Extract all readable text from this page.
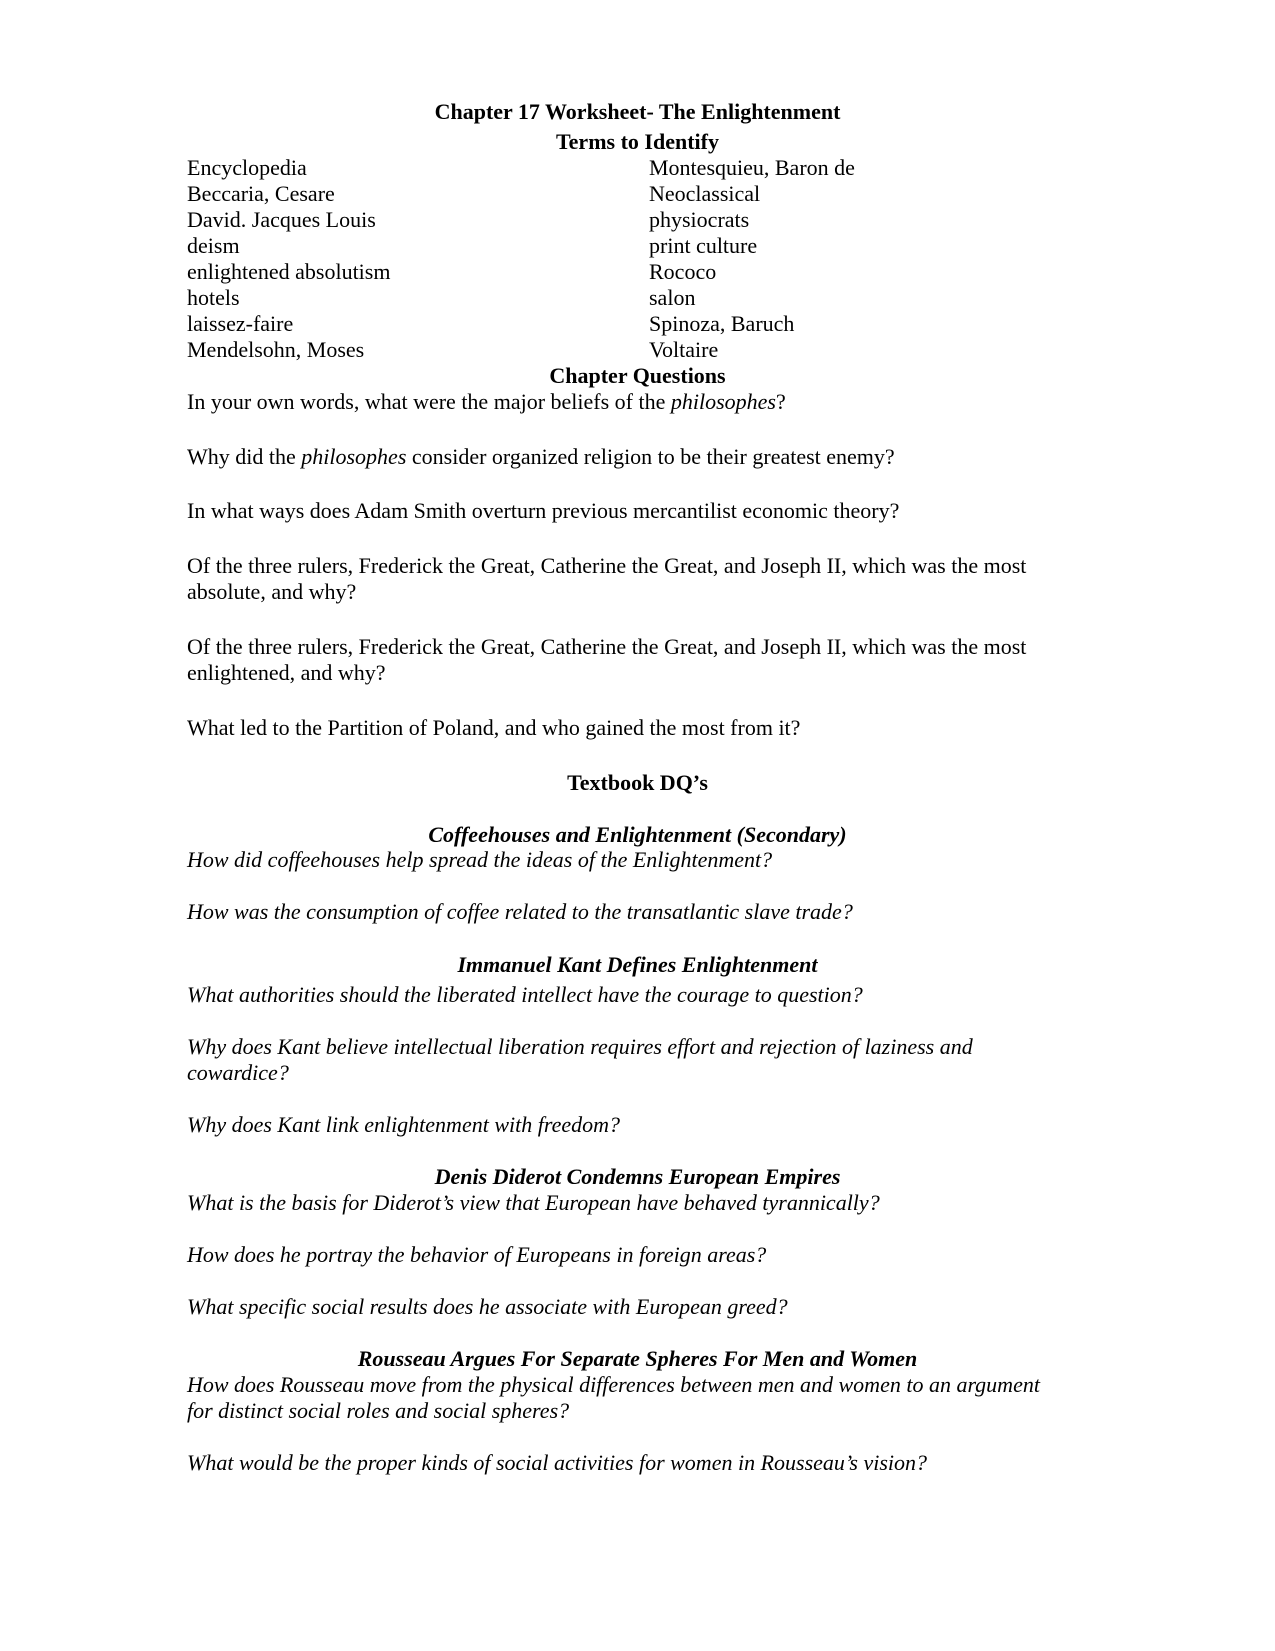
Chapter 17 Worksheet- The Enlightenment
Terms to Identify
Encyclopedia
Beccaria, Cesare
David. Jacques Louis
deism
enlightened absolutism
hotels
laissez-faire
Mendelsohn, Moses
Montesquieu, Baron de
Neoclassical
physiocrats
print culture
Rococo
salon
Spinoza, Baruch
Voltaire
Chapter Questions
In your own words, what were the major beliefs of the philosophes?
Why did the philosophes consider organized religion to be their greatest enemy?
In what ways does Adam Smith overturn previous mercantilist economic theory?
Of the three rulers, Frederick the Great, Catherine the Great, and Joseph II, which was the most
absolute, and why?
Of the three rulers, Frederick the Great, Catherine the Great, and Joseph II, which was the most
enlightened, and why?
What led to the Partition of Poland, and who gained the most from it?
Textbook DQ’s
Coffeehouses and Enlightenment (Secondary)
How did coffeehouses help spread the ideas of the Enlightenment?
How was the consumption of coffee related to the transatlantic slave trade?
Immanuel Kant Defines Enlightenment
What authorities should the liberated intellect have the courage to question?
Why does Kant believe intellectual liberation requires effort and rejection of laziness and
cowardice?
Why does Kant link enlightenment with freedom?
Denis Diderot Condemns European Empires
What is the basis for Diderot’s view that European have behaved tyrannically?
How does he portray the behavior of Europeans in foreign areas?
What specific social results does he associate with European greed?
Rousseau Argues For Separate Spheres For Men and Women
How does Rousseau move from the physical differences between men and women to an argument
for distinct social roles and social spheres?
What would be the proper kinds of social activities for women in Rousseau’s vision?
